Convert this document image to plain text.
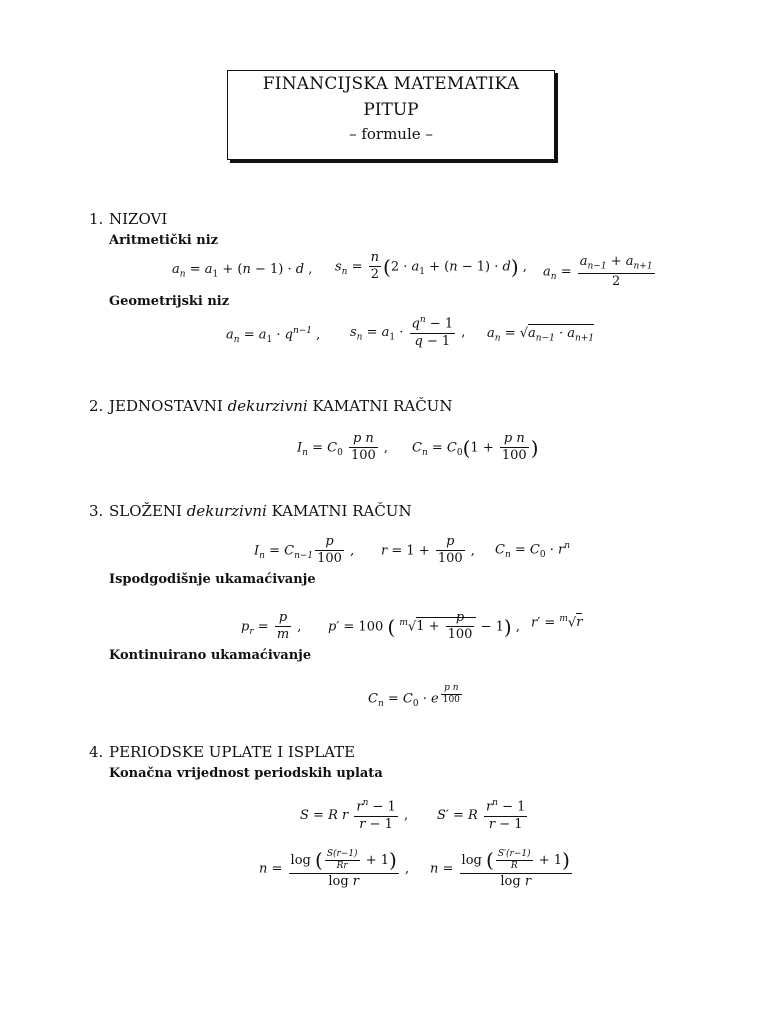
FINANCIJSKA MATEMATIKA
PITUP
– formule –
1. NIZOVI
Aritmetički niz
$a_n = a_1 + (n - 1) \cdot d$ , $s_n = \frac{n}{2} (2 \cdot a_1 + (n - 1) \cdot d)$ , $a_n = \frac{a_{n-1} + a_{n+1}}{2}$
Geometrijski niz
$a_n = a_1 \cdot q^{n-1}$ , $s_n = a_1 \cdot \frac{q^n - 1}{q - 1}$ , $a_n = √a_{n-1} \cdot a_{n+1}$
2. JEDNOSTAVNI dekurzivni KAMATNI RAČUN
$I_n = C_0 \frac{\text{p n}}{100}$ , $C_n = C_0(1 + \frac{\text{p n}}{100}$ )
3. SLOŽENI dekurzivni KAMATNI RAČUN
$I_n = C_{n-1} \frac{p}{100}$ , $r = 1 + \frac{p}{100}$ , $C_n = C_0 \cdot r^n$
Ispodgodišnje ukamaćivanje
$p_r = \frac{p}{m}$ , p′ = 100 ( $^m√1 + \frac{p}{100} - 1$) , r′ = $^m$√r
Kontinuirano ukamaćivanje
$C_n = C_0 \cdot e$ $^{\frac{\text{p n}}{100}}$
4. PERIODSKE UPLATE I ISPLATE
Konačna vrijednost periodskih uplata
S = R r $\frac{r^n - 1}{r - 1}$ , S′ = R $\frac{r^n - 1}{r - 1}$
$n = \frac{\log ( \frac{S(r-1)}{Rr} + 1)}{\text{log r}}$ , $n = \frac{\log ( \frac{S'(r-1)}{R} + 1)}{\text{log r}}$
